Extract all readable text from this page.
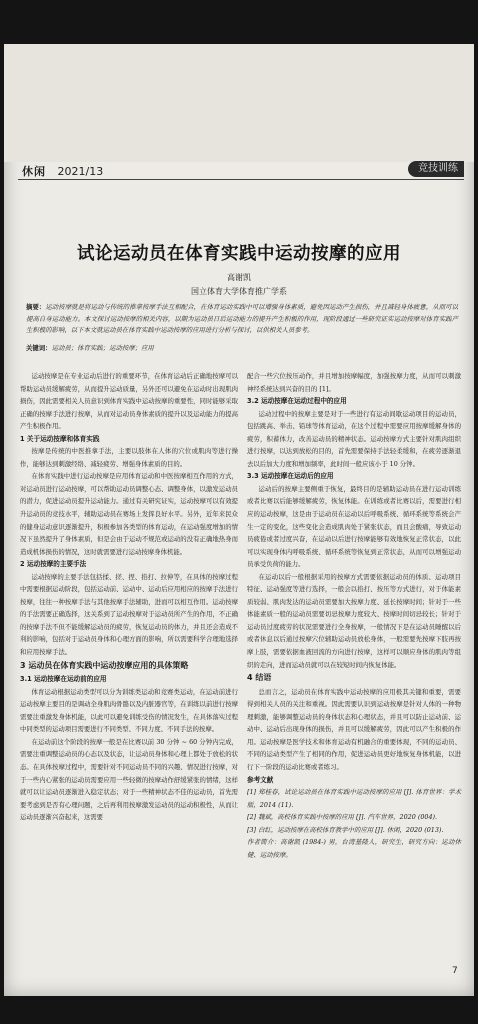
休闲 2021/13	竞技训练
试论运动员在体育实践中运动按摩的应用
高谢凯
国立体育大学体育推广学系
摘要：运动按摩就是将运动与传统的推拿按摩手法互相配合，在体育运动实践中可以增强身体素质，避免因运动产生损伤，并且减轻身体疲惫，从而可以提高自身运动能力。本文探讨运动按摩的相关内容，以期为运动员日后运动能力的提升产生积极的作用，现阶段通过一些研究证实运动按摩对体育实践产生积极的影响，以下本文就运动员在体育实践中运动按摩的应用进行分析与探讨，以供相关人员参考。
关键词：运动员；体育实践；运动按摩；应用

运动按摩是在专业运动后进行的重要环节，在体育运动后正确地按摩可以帮助运动员缓解疲劳，从而提升运动质量，另外还可以避免在运动时出现肌肉损伤，因此需要相关人员意识到体育实践中运动按摩的重要性，同时能够采取正确的按摩手法进行按摩，从而对运动员身体素质的提升以及运动能力的提高产生积极作用。

1 关于运动按摩和体育实践

按摩是传统的中医推拿手法，主要以肢体在人体的穴位或肌肉等进行操作，能够达到刺激经络、减轻疲劳、增强身体素质的目的。

在体育实践中进行运动按摩是应用体育运动和中医按摩相互作用的方式，对运动员进行运动按摩，可以帮助运动员调整心态、调整身体，以激发运动员的潜力，促进运动员提升运动能力。通过有关研究证实，运动按摩可以有效提升运动员的竞技水平，辅助运动员在赛场上发挥良好水平。另外，近年来民众的健身运动意识逐渐提升，积极参加各类型的体育运动，在运动强度增加的情况下虽然提升了身体素质，但是会由于运动不规范或运动的没有正确地热身而造成机体损伤的情况，这时就需要进行运动按摩身体机能。

2 运动按摩的主要手法

运动按摩的主要手法包括揉、搓、捏、掐打、拉伸等，在具体的按摩过程中需要根据运动阶段，包括运动前、运动中、运动后应用相应的按摩手法进行按摩，往往一种按摩手法与其他按摩手法辅助，进而可以相互作用。运动按摩的手法需要正确选择，这关系到了运动按摩对于运动员所产生的作用，不正确的按摩手法不但不能缓解运动员的疲劳，恢复运动员的体力，并且还会造成不利的影响，包括对于运动员身体和心理方面的影响，所以需要科学合理地选择和应用按摩手法。

3 运动员在体育实践中运动按摩应用的具体策略

3.1 运动按摩在运动前的应用

体育运动根据运动类型可以分为训练类运动和竞赛类运动，在运动前进行运动按摩主要目的是调动全身肌肉骨骼以及内脏器官等，在训练以前进行按摩需要注重激发身体机能，以此可以避免训练受伤的情况发生，在具体落实过程中同类型的运动项目需要进行不同类型、不同力度、不同手法的按摩。

在运动前这个阶段的按摩一般是在比赛以前 30 分钟 ~ 60 分钟内完成，需要注重调整运动员的心态以及状态，让运动员身体和心理上都处于放松的状态。在具体按摩过程中，需要针对不同运动员不同的兴趣、情况进行按摩，对于一些内心紧张的运动员需要应用一些轻微的按摩动作舒缓紧张的情绪，这样就可以让运动员逐渐进入稳定状态；对于一些精神状态不佳的运动员，首先需要考虑到是否有心理问题，之后再利用按摩激发运动员的运动积极性，从而让运动员逐渐兴奋起来，这需要

配合一些穴位按压动作，并且增加按摩幅度，加强按摩力度，从而可以刺激神经系统达到兴奋的目的 [1]。

3.2 运动按摩在运动过程中的应用

运动过程中的按摩主要是对于一些进行有运动间歇运动项目的运动员，包括跳高、举击、铅球等体育运动，在这个过程中需要应用按摩缓解身体的疲劳，积蓄体力，改善运动员的精神状态。运动按摩方式主要针对肌肉组织进行按摩，以达到放松的目的，首先需要保持手法轻柔缓和，在疲劳逐渐退去以后加大力度和增加频率，此时间一般应该小于 10 分钟。

3.3 运动按摩在运动后的应用

运动后的按摩主要侧重于恢复，最终目的是辅助运动员在进行运动训练或者比赛以后能够缓解疲劳，恢复体能。在训练或者比赛以后，需要进行相应的运动按摩，这是由于运动员在运动以后呼吸系统、循环系统等系统会产生一定的变化，这些变化会造成肌肉处于紧张状态，而且会酸痛，导致运动员疲倦或者过度兴奋，在运动以后进行按摩能够有效地恢复正常状态，以此可以实现身体内呼吸系统、循环系统等恢复到正常状态，从而可以增强运动员承受负荷的能力。

在运动以后一般根据采用的按摩方式需要依据运动员的体质、运动项目特征、运动强度等进行选择，一般会以掐打、按压等方式进行，对于体能素质较弱、肌肉发达的运动员需要加大按摩力度、延长按摩时间；针对于一些体能素质一般的运动员需要切忌按摩力度较大、按摩时间切忌较长；针对于运动员过度疲劳的状况需要进行全身按摩，一般情况下是在运动员睡醒以后或者休息以后通过按摩穴位辅助运动员放松身体，一般需要先按摩下肢再按摩上肢，需要依据血液回流的方向进行按摩，这样可以顺应身体的肌肉等组织的走向，进而运动员就可以在较短时间内恢复体能。

4 结语

总而言之，运动员在体育实践中运动按摩的应用极其关键和重要，需要得到相关人员的关注和重视。因此需要认识到运动按摩是针对人体的一种物理刺激，能够调整运动员的身体状态和心理状态，并且可以防止运动前、运动中、运动后出现身体的损伤，并且可以缓解疲劳，因此可以产生积极的作用。运动按摩是医学技术和体育运动有机融合的重要体现，不同的运动员、不同的运动类型产生了相同的作用，促进运动员更好地恢复身体机能，以进行下一阶段的运动比赛或者练习。

参考文献

[1] 郑桂春，试论运动员在体育实践中运动按摩的应用 [J]. 体育世界：学术版，2014 (11).

[2] 魏斌，高校体育实践中按摩的应用 [J]. 汽车世界，2020 (004).

[3] 白红，运动按摩在高校体育教学中的应用 [J]. 休闲，2020 (013).

作者简介：高谢凯 (1984-) 男，台湾基隆人，研究生，研究方向：运动休健、运动按摩。

7
